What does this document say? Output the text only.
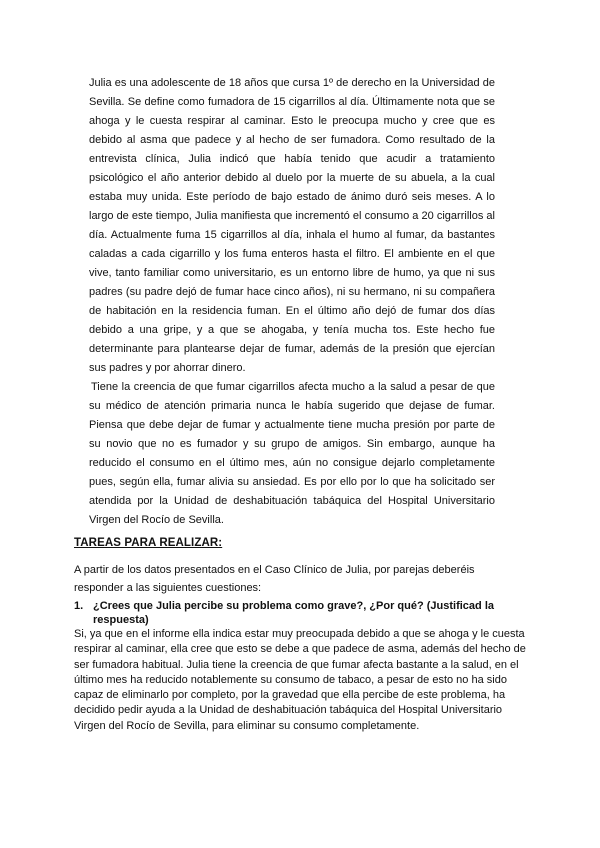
Julia es una adolescente de 18 años que cursa 1º de derecho en la Universidad de Sevilla. Se define como fumadora de 15 cigarrillos al día. Últimamente nota que se ahoga y le cuesta respirar al caminar. Esto le preocupa mucho y cree que es debido al asma que padece y al hecho de ser fumadora. Como resultado de la entrevista clínica, Julia indicó que había tenido que acudir a tratamiento psicológico el año anterior debido al duelo por la muerte de su abuela, a la cual estaba muy unida. Este período de bajo estado de ánimo duró seis meses. A lo largo de este tiempo, Julia manifiesta que incrementó el consumo a 20 cigarrillos al día. Actualmente fuma 15 cigarrillos al día, inhala el humo al fumar, da bastantes caladas a cada cigarrillo y los fuma enteros hasta el filtro. El ambiente en el que vive, tanto familiar como universitario, es un entorno libre de humo, ya que ni sus padres (su padre dejó de fumar hace cinco años), ni su hermano, ni su compañera de habitación en la residencia fuman. En el último año dejó de fumar dos días debido a una gripe, y a que se ahogaba, y tenía mucha tos. Este hecho fue determinante para plantearse dejar de fumar, además de la presión que ejercían sus padres y por ahorrar dinero.

Tiene la creencia de que fumar cigarrillos afecta mucho a la salud a pesar de que su médico de atención primaria nunca le había sugerido que dejase de fumar. Piensa que debe dejar de fumar y actualmente tiene mucha presión por parte de su novio que no es fumador y su grupo de amigos. Sin embargo, aunque ha reducido el consumo en el último mes, aún no consigue dejarlo completamente pues, según ella, fumar alivia su ansiedad. Es por ello por lo que ha solicitado ser atendida por la Unidad de deshabituación tabáquica del Hospital Universitario Virgen del Rocío de Sevilla.

TAREAS PARA REALIZAR:

A partir de los datos presentados en el Caso Clínico de Julia, por parejas deberéis responder a las siguientes cuestiones:

1. ¿Crees que Julia percibe su problema como grave?, ¿Por qué? (Justificad la respuesta)

Si, ya que en el informe ella indica estar muy preocupada debido a que se ahoga y le cuesta respirar al caminar, ella cree que esto se debe a que padece de asma, además del hecho de ser fumadora habitual. Julia tiene la creencia de que fumar afecta bastante a la salud, en el último mes ha reducido notablemente su consumo de tabaco, a pesar de esto no ha sido capaz de eliminarlo por completo, por la gravedad que ella percibe de este problema, ha decidido pedir ayuda a la Unidad de deshabituación tabáquica del Hospital Universitario Virgen del Rocío de Sevilla, para eliminar su consumo completamente.
